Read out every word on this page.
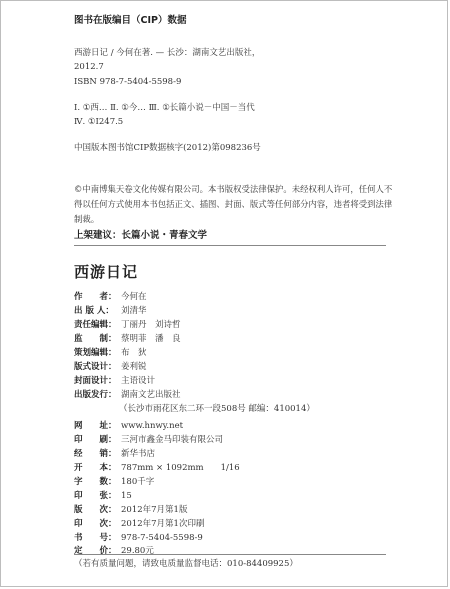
图书在版编目（CIP）数据
西游日记 / 今何在著. — 长沙：湖南文艺出版社，
2012.7
ISBN 978-7-5404-5598-9
Ⅰ. ①西… Ⅱ. ①今… Ⅲ. ①长篇小说－中国－当代
Ⅳ. ①I247.5
中国版本图书馆CIP数据核字(2012)第098236号
©中南博集天卷文化传媒有限公司。本书版权受法律保护。未经权利人许可，任何人不得以任何方式使用本书包括正文、插图、封面、版式等任何部分内容，违者将受到法律制裁。
上架建议：长篇小说・青春文学
西游日记
作　　者： 今何在
出 版 人： 刘清华
责任编辑： 丁丽丹　刘诗哲
监　　制： 蔡明菲　潘　良
策划编辑： 布　狄
版式设计： 姜利锐
封面设计： 主语设计
出版发行： 湖南文艺出版社
（长沙市雨花区东二环一段508号 邮编：410014）
网　　址： www.hnwy.net
印　　刷： 三河市鑫金马印装有限公司
经　　销： 新华书店
开　　本： 787mm × 1092mm　　1/16
字　　数： 180千字
印　　张： 15
版　　次： 2012年7月第1版
印　　次： 2012年7月第1次印刷
书　　号： 978-7-5404-5598-9
定　　价： 29.80元
（若有质量问题，请致电质量监督电话：010-84409925）
